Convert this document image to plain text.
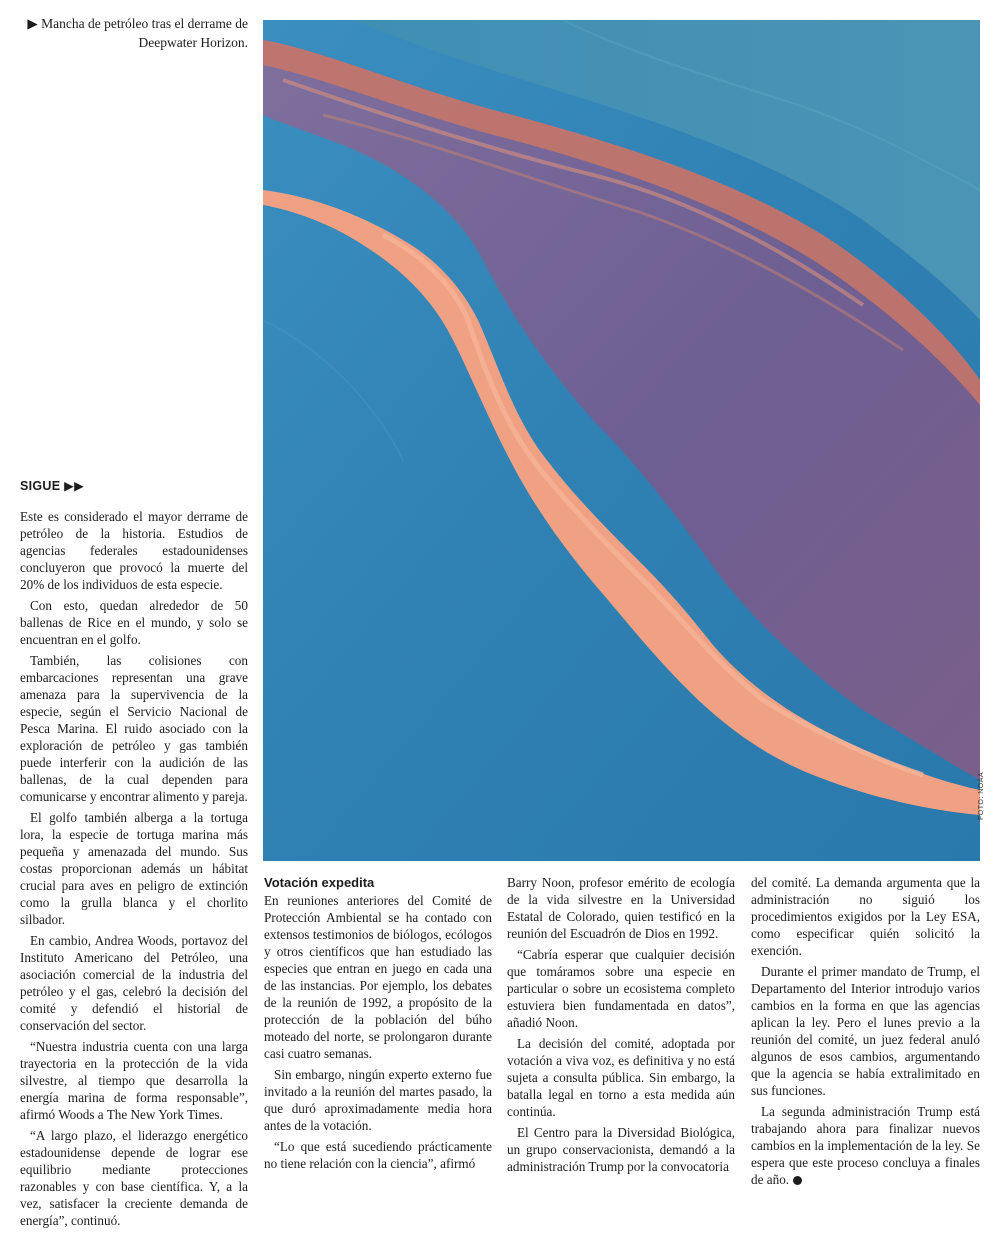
▶ Mancha de petróleo tras el derrame de Deepwater Horizon.
FOTO: NOAA
SIGUE ▶▶

Este es considerado el mayor derrame de petróleo de la historia. Estudios de agencias federales estadounidenses concluyeron que provocó la muerte del 20% de los individuos de esta especie.

Con esto, quedan alrededor de 50 ballenas de Rice en el mundo, y solo se encuentran en el golfo.

También, las colisiones con embarcaciones representan una grave amenaza para la supervivencia de la especie, según el Servicio Nacional de Pesca Marina. El ruido asociado con la exploración de petróleo y gas también puede interferir con la audición de las ballenas, de la cual dependen para comunicarse y encontrar alimento y pareja.

El golfo también alberga a la tortuga lora, la especie de tortuga marina más pequeña y amenazada del mundo. Sus costas proporcionan además un hábitat crucial para aves en peligro de extinción como la grulla blanca y el chorlito silbador.

En cambio, Andrea Woods, portavoz del Instituto Americano del Petróleo, una asociación comercial de la industria del petróleo y el gas, celebró la decisión del comité y defendió el historial de conservación del sector.

“Nuestra industria cuenta con una larga trayectoria en la protección de la vida silvestre, al tiempo que desarrolla la energía marina de forma responsable”, afirmó Woods a The New York Times.

“A largo plazo, el liderazgo energético estadounidense depende de lograr ese equilibrio mediante protecciones razonables y con base científica. Y, a la vez, satisfacer la creciente demanda de energía”, continuó.

Votación expedita

En reuniones anteriores del Comité de Protección Ambiental se ha contado con extensos testimonios de biólogos, ecólogos y otros científicos que han estudiado las especies que entran en juego en cada una de las instancias. Por ejemplo, los debates de la reunión de 1992, a propósito de la protección de la población del búho moteado del norte, se prolongaron durante casi cuatro semanas.

Sin embargo, ningún experto externo fue invitado a la reunión del martes pasado, la que duró aproximadamente media hora antes de la votación.

“Lo que está sucediendo prácticamente no tiene relación con la ciencia”, afirmó

Barry Noon, profesor emérito de ecología de la vida silvestre en la Universidad Estatal de Colorado, quien testificó en la reunión del Escuadrón de Dios en 1992.

“Cabría esperar que cualquier decisión que tomáramos sobre una especie en particular o sobre un ecosistema completo estuviera bien fundamentada en datos”, añadió Noon.

La decisión del comité, adoptada por votación a viva voz, es definitiva y no está sujeta a consulta pública. Sin embargo, la batalla legal en torno a esta medida aún continúa.

El Centro para la Diversidad Biológica, un grupo conservacionista, demandó a la administración Trump por la convocatoria

del comité. La demanda argumenta que la administración no siguió los procedimientos exigidos por la Ley ESA, como especificar quién solicitó la exención.

Durante el primer mandato de Trump, el Departamento del Interior introdujo varios cambios en la forma en que las agencias aplican la ley. Pero el lunes previo a la reunión del comité, un juez federal anuló algunos de esos cambios, argumentando que la agencia se había extralimitado en sus funciones.

La segunda administración Trump está trabajando ahora para finalizar nuevos cambios en la implementación de la ley. Se espera que este proceso concluya a finales de año.
